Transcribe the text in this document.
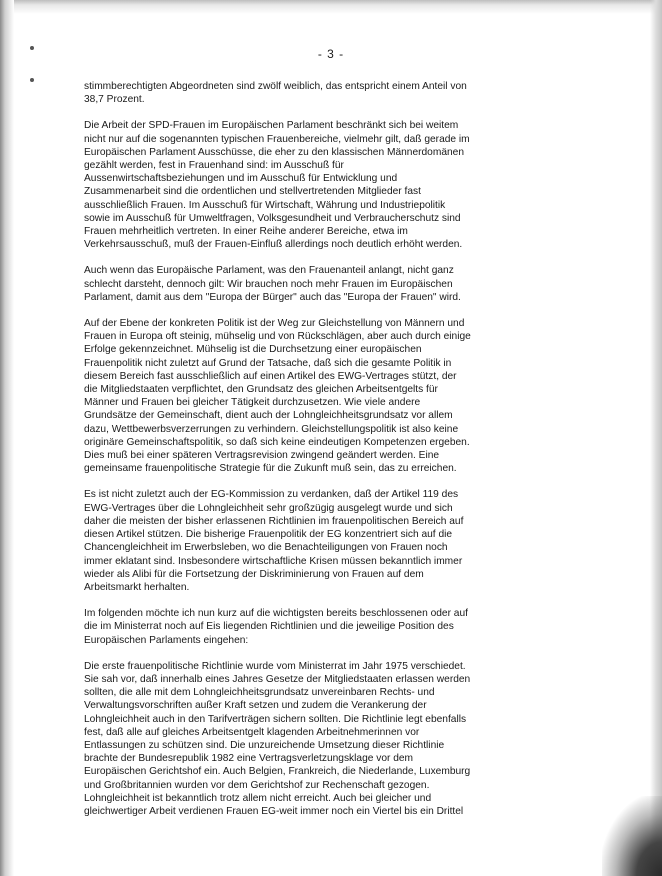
- 3 -

stimmberechtigten Abgeordneten sind zwölf weiblich, das entspricht einem Anteil von
38,7 Prozent.

Die Arbeit der SPD-Frauen im Europäischen Parlament beschränkt sich bei weitem
nicht nur auf die sogenannten typischen Frauenbereiche, vielmehr gilt, daß gerade im
Europäischen Parlament Ausschüsse, die eher zu den klassischen Männerdomänen
gezählt werden, fest in Frauenhand sind: im Ausschuß für
Aussenwirtschaftsbeziehungen und im Ausschuß für Entwicklung und
Zusammenarbeit sind die ordentlichen und stellvertretenden Mitglieder fast
ausschließlich Frauen. Im Ausschuß für Wirtschaft, Währung und Industriepolitik
sowie im Ausschuß für Umweltfragen, Volksgesundheit und Verbraucherschutz sind
Frauen mehrheitlich vertreten. In einer Reihe anderer Bereiche, etwa im
Verkehrsausschuß, muß der Frauen-Einfluß allerdings noch deutlich erhöht werden.

Auch wenn das Europäische Parlament, was den Frauenanteil anlangt, nicht ganz
schlecht darsteht, dennoch gilt: Wir brauchen noch mehr Frauen im Europäischen
Parlament, damit aus dem "Europa der Bürger" auch das "Europa der Frauen" wird.

Auf der Ebene der konkreten Politik ist der Weg zur Gleichstellung von Männern und
Frauen in Europa oft steinig, mühselig und von Rückschlägen, aber auch durch einige
Erfolge gekennzeichnet. Mühselig ist die Durchsetzung einer europäischen
Frauenpolitik nicht zuletzt auf Grund der Tatsache, daß sich die gesamte Politik in
diesem Bereich fast ausschließlich auf einen Artikel des EWG-Vertrages stützt, der
die Mitgliedstaaten verpflichtet, den Grundsatz des gleichen Arbeitsentgelts für
Männer und Frauen bei gleicher Tätigkeit durchzusetzen. Wie viele andere
Grundsätze der Gemeinschaft, dient auch der Lohngleichheitsgrundsatz vor allem
dazu, Wettbewerbsverzerrungen zu verhindern. Gleichstellungspolitik ist also keine
originäre Gemeinschaftspolitik, so daß sich keine eindeutigen Kompetenzen ergeben.
Dies muß bei einer späteren Vertragsrevision zwingend geändert werden. Eine
gemeinsame frauenpolitische Strategie für die Zukunft muß sein, das zu erreichen.

Es ist nicht zuletzt auch der EG-Kommission zu verdanken, daß der Artikel 119 des
EWG-Vertrages über die Lohngleichheit sehr großzügig ausgelegt wurde und sich
daher die meisten der bisher erlassenen Richtlinien im frauenpolitischen Bereich auf
diesen Artikel stützen. Die bisherige Frauenpolitik der EG konzentriert sich auf die
Chancengleichheit im Erwerbsleben, wo die Benachteiligungen von Frauen noch
immer eklatant sind. Insbesondere wirtschaftliche Krisen müssen bekanntlich immer
wieder als Alibi für die Fortsetzung der Diskriminierung von Frauen auf dem
Arbeitsmarkt herhalten.

Im folgenden möchte ich nun kurz auf die wichtigsten bereits beschlossenen oder auf
die im Ministerrat noch auf Eis liegenden Richtlinien und die jeweilige Position des
Europäischen Parlaments eingehen:

Die erste frauenpolitische Richtlinie wurde vom Ministerrat im Jahr 1975 verschiedet.
Sie sah vor, daß innerhalb eines Jahres Gesetze der Mitgliedstaaten erlassen werden
sollten, die alle mit dem Lohngleichheitsgrundsatz unvereinbaren Rechts- und
Verwaltungsvorschriften außer Kraft setzen und zudem die Verankerung der
Lohngleichheit auch in den Tarifverträgen sichern sollten. Die Richtlinie legt ebenfalls
fest, daß alle auf gleiches Arbeitsentgelt klagenden Arbeitnehmerinnen vor
Entlassungen zu schützen sind. Die unzureichende Umsetzung dieser Richtlinie
brachte der Bundesrepublik 1982 eine Vertragsverletzungsklage vor dem
Europäischen Gerichtshof ein. Auch Belgien, Frankreich, die Niederlande, Luxemburg
und Großbritannien wurden vor dem Gerichtshof zur Rechenschaft gezogen.
Lohngleichheit ist bekanntlich trotz allem nicht erreicht. Auch bei gleicher und
gleichwertiger Arbeit verdienen Frauen EG-weit immer noch ein Viertel bis ein Drittel
